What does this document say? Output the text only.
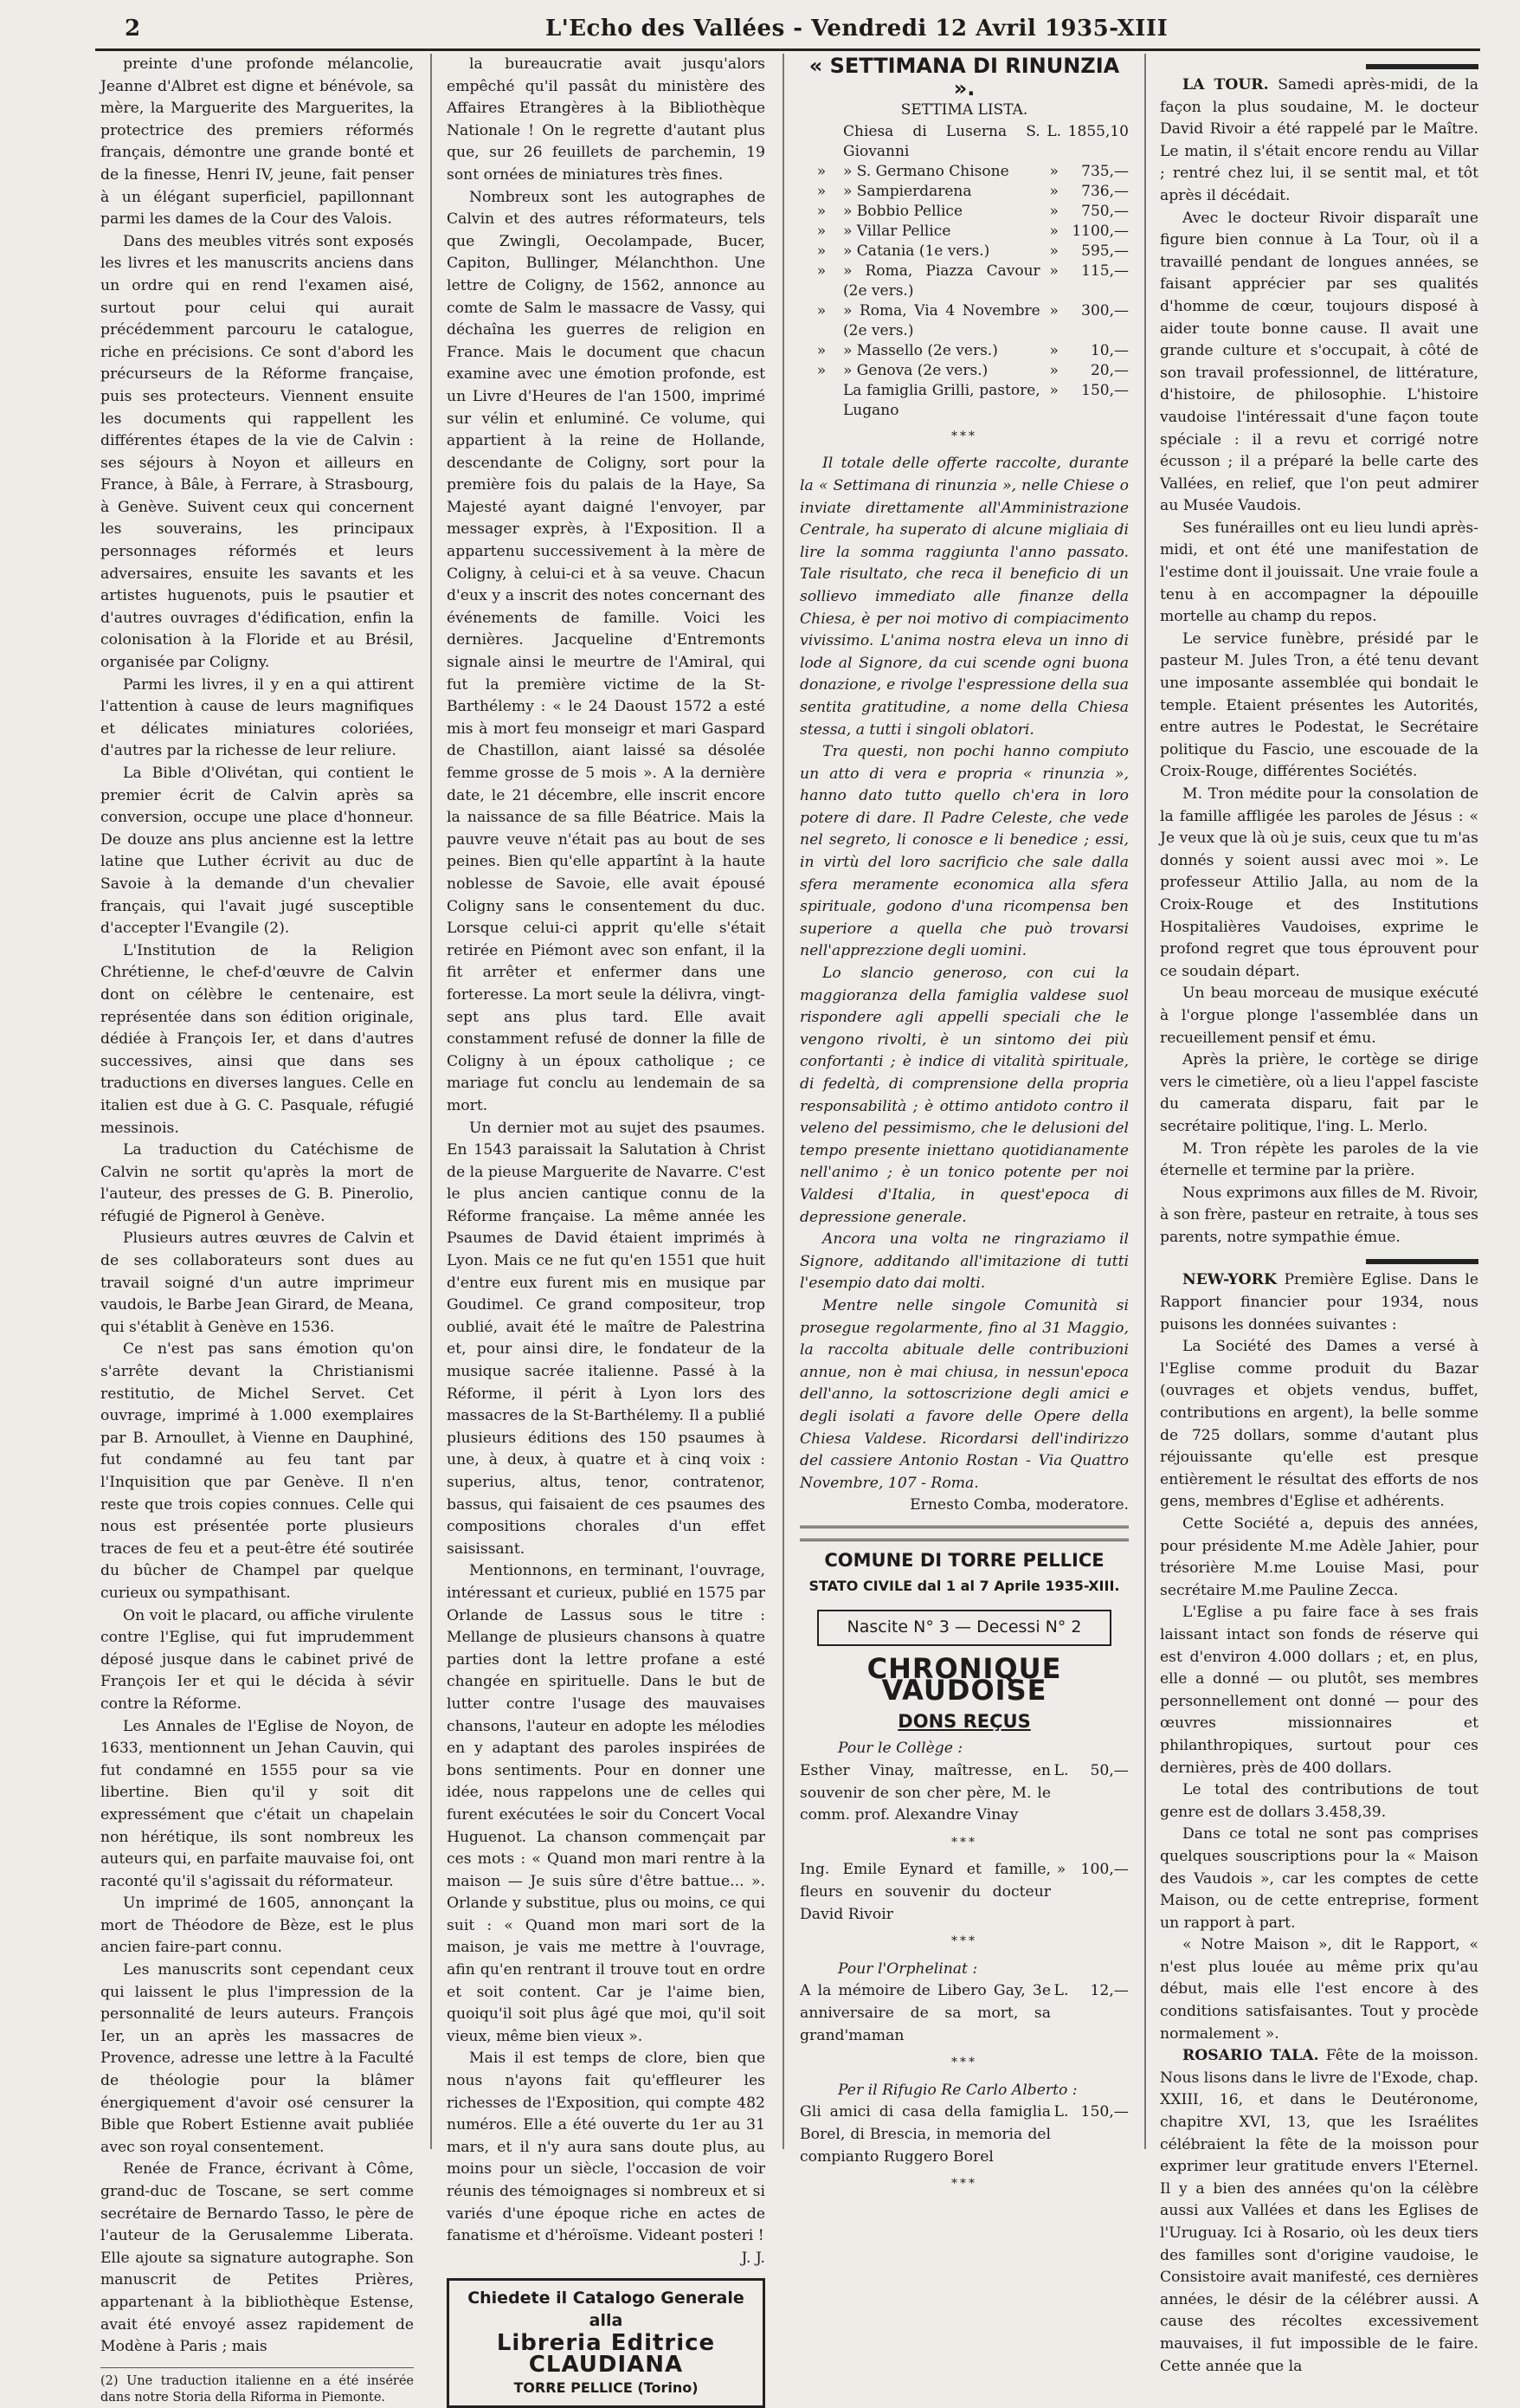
2	L'Echo des Vallées - Vendredi 12 Avril 1935-XIII

preinte d'une profonde mélancolie, Jeanne d'Albret est digne et bénévole, sa mère, la Marguerite des Marguerites, la protectrice des premiers réformés français, démontre une grande bonté et de la finesse, Henri IV, jeune, fait penser à un élégant superficiel, papillonnant parmi les dames de la Cour des Valois.

Dans des meubles vitrés sont exposés les livres et les manuscrits anciens dans un ordre qui en rend l'examen aisé, surtout pour celui qui aurait précédemment parcouru le catalogue, riche en précisions. Ce sont d'abord les précurseurs de la Réforme française, puis ses protecteurs. Viennent ensuite les documents qui rappellent les différentes étapes de la vie de Calvin : ses séjours à Noyon et ailleurs en France, à Bâle, à Ferrare, à Strasbourg, à Genève. Suivent ceux qui concernent les souverains, les principaux personnages réformés et leurs adversaires, ensuite les savants et les artistes huguenots, puis le psautier et d'autres ouvrages d'édification, enfin la colonisation à la Floride et au Brésil, organisée par Coligny.

Parmi les livres, il y en a qui attirent l'attention à cause de leurs magnifiques et délicates miniatures coloriées, d'autres par la richesse de leur reliure.

La Bible d'Olivétan, qui contient le premier écrit de Calvin après sa conversion, occupe une place d'honneur. De douze ans plus ancienne est la lettre latine que Luther écrivit au duc de Savoie à la demande d'un chevalier français, qui l'avait jugé susceptible d'accepter l'Evangile (2).

L'Institution de la Religion Chrétienne, le chef-d'œuvre de Calvin dont on célèbre le centenaire, est représentée dans son édition originale, dédiée à François Ier, et dans d'autres successives, ainsi que dans ses traductions en diverses langues. Celle en italien est due à G. C. Pasquale, réfugié messinois.

La traduction du Catéchisme de Calvin ne sortit qu'après la mort de l'auteur, des presses de G. B. Pinerolio, réfugié de Pignerol à Genève.

Plusieurs autres œuvres de Calvin et de ses collaborateurs sont dues au travail soigné d'un autre imprimeur vaudois, le Barbe Jean Girard, de Meana, qui s'établit à Genève en 1536.

Ce n'est pas sans émotion qu'on s'arrête devant la Christianismi restitutio, de Michel Servet. Cet ouvrage, imprimé à 1.000 exemplaires par B. Arnoullet, à Vienne en Dauphiné, fut condamné au feu tant par l'Inquisition que par Genève. Il n'en reste que trois copies connues. Celle qui nous est présentée porte plusieurs traces de feu et a peut-être été soutirée du bûcher de Champel par quelque curieux ou sympathisant.

On voit le placard, ou affiche virulente contre l'Eglise, qui fut imprudemment déposé jusque dans le cabinet privé de François Ier et qui le décida à sévir contre la Réforme.

Les Annales de l'Eglise de Noyon, de 1633, mentionnent un Jehan Cauvin, qui fut condamné en 1555 pour sa vie libertine. Bien qu'il y soit dit expressément que c'était un chapelain non hérétique, ils sont nombreux les auteurs qui, en parfaite mauvaise foi, ont raconté qu'il s'agissait du réformateur.

Un imprimé de 1605, annonçant la mort de Théodore de Bèze, est le plus ancien faire-part connu.

Les manuscrits sont cependant ceux qui laissent le plus l'impression de la personnalité de leurs auteurs. François Ier, un an après les massacres de Provence, adresse une lettre à la Faculté de théologie pour la blâmer énergiquement d'avoir osé censurer la Bible que Robert Estienne avait publiée avec son royal consentement.

Renée de France, écrivant à Côme, grand-duc de Toscane, se sert comme secrétaire de Bernardo Tasso, le père de l'auteur de la Gerusalemme Liberata. Elle ajoute sa signature autographe. Son manuscrit de Petites Prières, appartenant à la bibliothèque Estense, avait été envoyé assez rapidement de Modène à Paris ; mais

(2) Une traduction italienne en a été insérée dans notre Storia della Riforma in Piemonte.

la bureaucratie avait jusqu'alors empêché qu'il passât du ministère des Affaires Etrangères à la Bibliothèque Nationale ! On le regrette d'autant plus que, sur 26 feuillets de parchemin, 19 sont ornées de miniatures très fines.

Nombreux sont les autographes de Calvin et des autres réformateurs, tels que Zwingli, Oecolampade, Bucer, Capiton, Bullinger, Mélanchthon. Une lettre de Coligny, de 1562, annonce au comte de Salm le massacre de Vassy, qui déchaîna les guerres de religion en France. Mais le document que chacun examine avec une émotion profonde, est un Livre d'Heures de l'an 1500, imprimé sur vélin et enluminé. Ce volume, qui appartient à la reine de Hollande, descendante de Coligny, sort pour la première fois du palais de la Haye, Sa Majesté ayant daigné l'envoyer, par messager exprès, à l'Exposition. Il a appartenu successivement à la mère de Coligny, à celui-ci et à sa veuve. Chacun d'eux y a inscrit des notes concernant des événements de famille. Voici les dernières. Jacqueline d'Entremonts signale ainsi le meurtre de l'Amiral, qui fut la première victime de la St-Barthélemy : « le 24 Daoust 1572 a esté mis à mort feu monseigr et mari Gaspard de Chastillon, aiant laissé sa désolée femme grosse de 5 mois ». A la dernière date, le 21 décembre, elle inscrit encore la naissance de sa fille Béatrice. Mais la pauvre veuve n'était pas au bout de ses peines. Bien qu'elle appartînt à la haute noblesse de Savoie, elle avait épousé Coligny sans le consentement du duc. Lorsque celui-ci apprit qu'elle s'était retirée en Piémont avec son enfant, il la fit arrêter et enfermer dans une forteresse. La mort seule la délivra, vingt-sept ans plus tard. Elle avait constamment refusé de donner la fille de Coligny à un époux catholique ; ce mariage fut conclu au lendemain de sa mort.

Un dernier mot au sujet des psaumes. En 1543 paraissait la Salutation à Christ de la pieuse Marguerite de Navarre. C'est le plus ancien cantique connu de la Réforme française. La même année les Psaumes de David étaient imprimés à Lyon. Mais ce ne fut qu'en 1551 que huit d'entre eux furent mis en musique par Goudimel. Ce grand compositeur, trop oublié, avait été le maître de Palestrina et, pour ainsi dire, le fondateur de la musique sacrée italienne. Passé à la Réforme, il périt à Lyon lors des massacres de la St-Barthélemy. Il a publié plusieurs éditions des 150 psaumes à une, à deux, à quatre et à cinq voix : superius, altus, tenor, contratenor, bassus, qui faisaient de ces psaumes des compositions chorales d'un effet saisissant.

Mentionnons, en terminant, l'ouvrage, intéressant et curieux, publié en 1575 par Orlande de Lassus sous le titre : Mellange de plusieurs chansons à quatre parties dont la lettre profane a esté changée en spirituelle. Dans le but de lutter contre l'usage des mauvaises chansons, l'auteur en adopte les mélodies en y adaptant des paroles inspirées de bons sentiments. Pour en donner une idée, nous rappelons une de celles qui furent exécutées le soir du Concert Vocal Huguenot. La chanson commençait par ces mots : « Quand mon mari rentre à la maison — Je suis sûre d'être battue... ». Orlande y substitue, plus ou moins, ce qui suit : « Quand mon mari sort de la maison, je vais me mettre à l'ouvrage, afin qu'en rentrant il trouve tout en ordre et soit content. Car je l'aime bien, quoiqu'il soit plus âgé que moi, qu'il soit vieux, même bien vieux ».

Mais il est temps de clore, bien que nous n'ayons fait qu'effleurer les richesses de l'Exposition, qui compte 482 numéros. Elle a été ouverte du 1er au 31 mars, et il n'y aura sans doute plus, au moins pour un siècle, l'occasion de voir réunis des témoignages si nombreux et si variés d'une époque riche en actes de fanatisme et d'héroïsme. Videant posteri !

J. J.
Chiedete il Catalogo Generale alla
Libreria Editrice CLAUDIANA
TORRE PELLICE (Torino)
« SETTIMANA DI RINUNZIA ».
SETTIMA LISTA.
	Chiesa di Luserna S. Giovanni	L.	1855,10
»	» S. Germano Chisone	»	735,—
»	» Sampierdarena	»	736,—
»	» Bobbio Pellice	»	750,—
»	» Villar Pellice	»	1100,—
»	» Catania (1e vers.)	»	595,—
»	» Roma, Piazza Cavour (2e vers.)	»	115,—
»	» Roma, Via 4 Novembre (2e vers.)	»	300,—
»	» Massello (2e vers.)	»	10,—
»	» Genova (2e vers.)	»	20,—
	La famiglia Grilli, pastore, Lugano	»	150,—
***

Il totale delle offerte raccolte, durante la « Settimana di rinunzia », nelle Chiese o inviate direttamente all'Amministrazione Centrale, ha superato di alcune migliaia di lire la somma raggiunta l'anno passato. Tale risultato, che reca il beneficio di un sollievo immediato alle finanze della Chiesa, è per noi motivo di compiacimento vivissimo. L'anima nostra eleva un inno di lode al Signore, da cui scende ogni buona donazione, e rivolge l'espressione della sua sentita gratitudine, a nome della Chiesa stessa, a tutti i singoli oblatori.

Tra questi, non pochi hanno compiuto un atto di vera e propria « rinunzia », hanno dato tutto quello ch'era in loro potere di dare. Il Padre Celeste, che vede nel segreto, li conosce e li benedice ; essi, in virtù del loro sacrificio che sale dalla sfera meramente economica alla sfera spirituale, godono d'una ricompensa ben superiore a quella che può trovarsi nell'apprezzione degli uomini.

Lo slancio generoso, con cui la maggioranza della famiglia valdese suol rispondere agli appelli speciali che le vengono rivolti, è un sintomo dei più confortanti ; è indice di vitalità spirituale, di fedeltà, di comprensione della propria responsabilità ; è ottimo antidoto contro il veleno del pessimismo, che le delusioni del tempo presente iniettano quotidianamente nell'animo ; è un tonico potente per noi Valdesi d'Italia, in quest'epoca di depressione generale.

Ancora una volta ne ringraziamo il Signore, additando all'imitazione di tutti l'esempio dato dai molti.

Mentre nelle singole Comunità si prosegue regolarmente, fino al 31 Maggio, la raccolta abituale delle contribuzioni annue, non è mai chiusa, in nessun'epoca dell'anno, la sottoscrizione degli amici e degli isolati a favore delle Opere della Chiesa Valdese. Ricordarsi dell'indirizzo del cassiere Antonio Rostan - Via Quattro Novembre, 107 - Roma.

Ernesto Comba, moderatore.
COMUNE DI TORRE PELLICE
STATO CIVILE dal 1 al 7 Aprile 1935-XIII.
Nascite N° 3 — Decessi N° 2
CHRONIQUE VAUDOISE
DONS REÇUS

Pour le Collège :

Esther Vinay, maîtresse, en souvenir de son cher père, M. le comm. prof. Alexandre Vinay
L.	50,—
***
Ing. Emile Eynard et famille, fleurs en souvenir du docteur David Rivoir
»	100,—
***

Pour l'Orphelinat :

A la mémoire de Libero Gay, 3e anniversaire de sa mort, sa grand'maman
L.	12,—
***

Per il Rifugio Re Carlo Alberto :

Gli amici di casa della famiglia Borel, di Brescia, in memoria del compianto Ruggero Borel
L. 150,—
***

LA TOUR. Samedi après-midi, de la façon la plus soudaine, M. le docteur David Rivoir a été rappelé par le Maître. Le matin, il s'était encore rendu au Villar ; rentré chez lui, il se sentit mal, et tôt après il décédait.

Avec le docteur Rivoir disparaît une figure bien connue à La Tour, où il a travaillé pendant de longues années, se faisant apprécier par ses qualités d'homme de cœur, toujours disposé à aider toute bonne cause. Il avait une grande culture et s'occupait, à côté de son travail professionnel, de littérature, d'histoire, de philosophie. L'histoire vaudoise l'intéressait d'une façon toute spéciale : il a revu et corrigé notre écusson ; il a préparé la belle carte des Vallées, en relief, que l'on peut admirer au Musée Vaudois.

Ses funérailles ont eu lieu lundi après-midi, et ont été une manifestation de l'estime dont il jouissait. Une vraie foule a tenu à en accompagner la dépouille mortelle au champ du repos.

Le service funèbre, présidé par le pasteur M. Jules Tron, a été tenu devant une imposante assemblée qui bondait le temple. Etaient présentes les Autorités, entre autres le Podestat, le Secrétaire politique du Fascio, une escouade de la Croix-Rouge, différentes Sociétés.

M. Tron médite pour la consolation de la famille affligée les paroles de Jésus : « Je veux que là où je suis, ceux que tu m'as donnés y soient aussi avec moi ». Le professeur Attilio Jalla, au nom de la Croix-Rouge et des Institutions Hospitalières Vaudoises, exprime le profond regret que tous éprouvent pour ce soudain départ.

Un beau morceau de musique exécuté à l'orgue plonge l'assemblée dans un recueillement pensif et ému.

Après la prière, le cortège se dirige vers le cimetière, où a lieu l'appel fasciste du camerata disparu, fait par le secrétaire politique, l'ing. L. Merlo.

M. Tron répète les paroles de la vie éternelle et termine par la prière.

Nous exprimons aux filles de M. Rivoir, à son frère, pasteur en retraite, à tous ses parents, notre sympathie émue.

NEW-YORK Première Eglise. Dans le Rapport financier pour 1934, nous puisons les données suivantes :

La Société des Dames a versé à l'Eglise comme produit du Bazar (ouvrages et objets vendus, buffet, contributions en argent), la belle somme de 725 dollars, somme d'autant plus réjouissante qu'elle est presque entièrement le résultat des efforts de nos gens, membres d'Eglise et adhérents.

Cette Société a, depuis des années, pour présidente M.me Adèle Jahier, pour trésorière M.me Louise Masi, pour secrétaire M.me Pauline Zecca.

L'Eglise a pu faire face à ses frais laissant intact son fonds de réserve qui est d'environ 4.000 dollars ; et, en plus, elle a donné — ou plutôt, ses membres personnellement ont donné — pour des œuvres missionnaires et philanthropiques, surtout pour ces dernières, près de 400 dollars.

Le total des contributions de tout genre est de dollars 3.458,39.

Dans ce total ne sont pas comprises quelques souscriptions pour la « Maison des Vaudois », car les comptes de cette Maison, ou de cette entreprise, forment un rapport à part.

« Notre Maison », dit le Rapport, « n'est plus louée au même prix qu'au début, mais elle l'est encore à des conditions satisfaisantes. Tout y procède normalement ».

ROSARIO TALA. Fête de la moisson. Nous lisons dans le livre de l'Exode, chap. XXIII, 16, et dans le Deutéronome, chapitre XVI, 13, que les Israélites célébraient la fête de la moisson pour exprimer leur gratitude envers l'Eternel. Il y a bien des années qu'on la célèbre aussi aux Vallées et dans les Eglises de l'Uruguay. Ici à Rosario, où les deux tiers des familles sont d'origine vaudoise, le Consistoire avait manifesté, ces dernières années, le désir de la célébrer aussi. A cause des récoltes excessivement mauvaises, il fut impossible de le faire. Cette année que la
